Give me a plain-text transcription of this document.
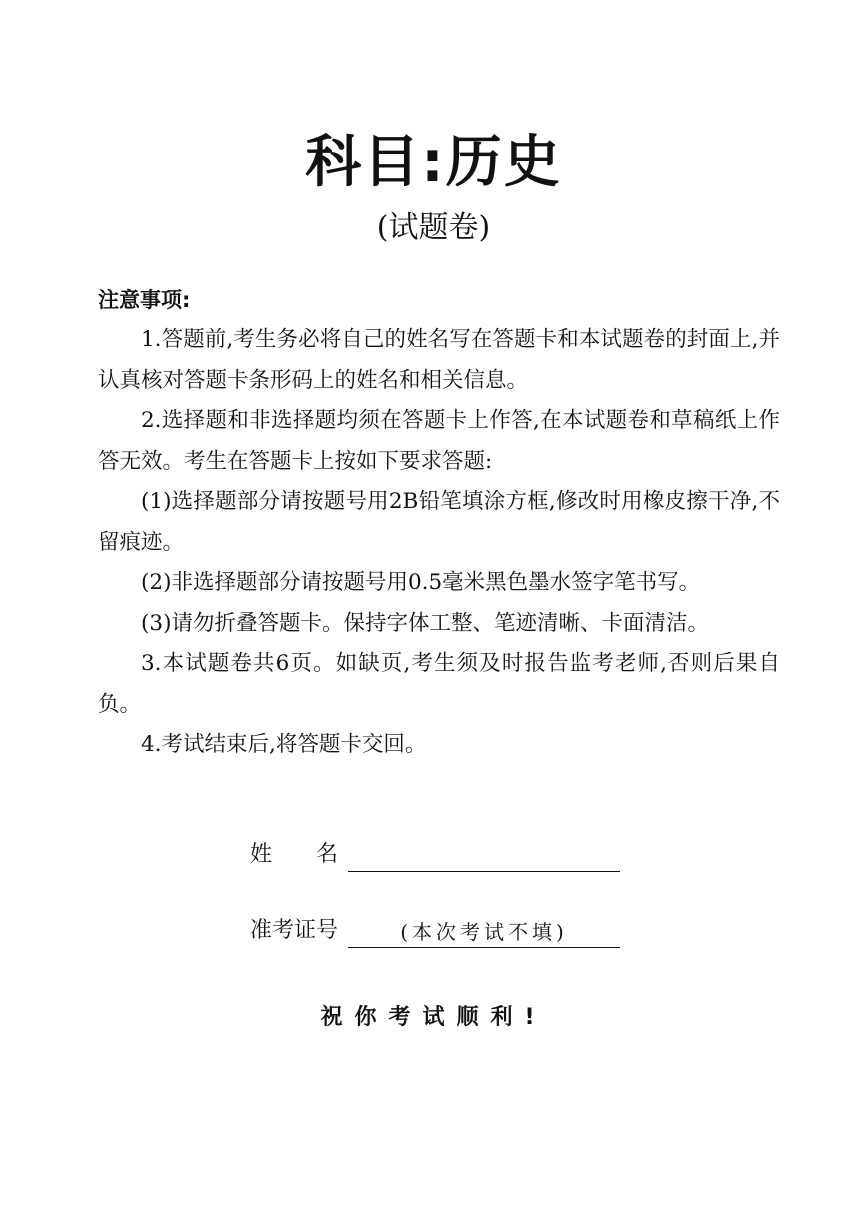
科目:历史
(试题卷)
注意事项:

1.答题前,考生务必将自己的姓名写在答题卡和本试题卷的封面上,并认真核对答题卡条形码上的姓名和相关信息。

2.选择题和非选择题均须在答题卡上作答,在本试题卷和草稿纸上作答无效。考生在答题卡上按如下要求答题:

(1)选择题部分请按题号用2B铅笔填涂方框,修改时用橡皮擦干净,不留痕迹。

(2)非选择题部分请按题号用0.5毫米黑色墨水签字笔书写。

(3)请勿折叠答题卡。保持字体工整、笔迹清晰、卡面清洁。

3.本试题卷共6页。如缺页,考生须及时报告监考老师,否则后果自负。

4.考试结束后,将答题卡交回。

姓　　名
准考证号	(本次考试不填)
祝你考试顺利!
